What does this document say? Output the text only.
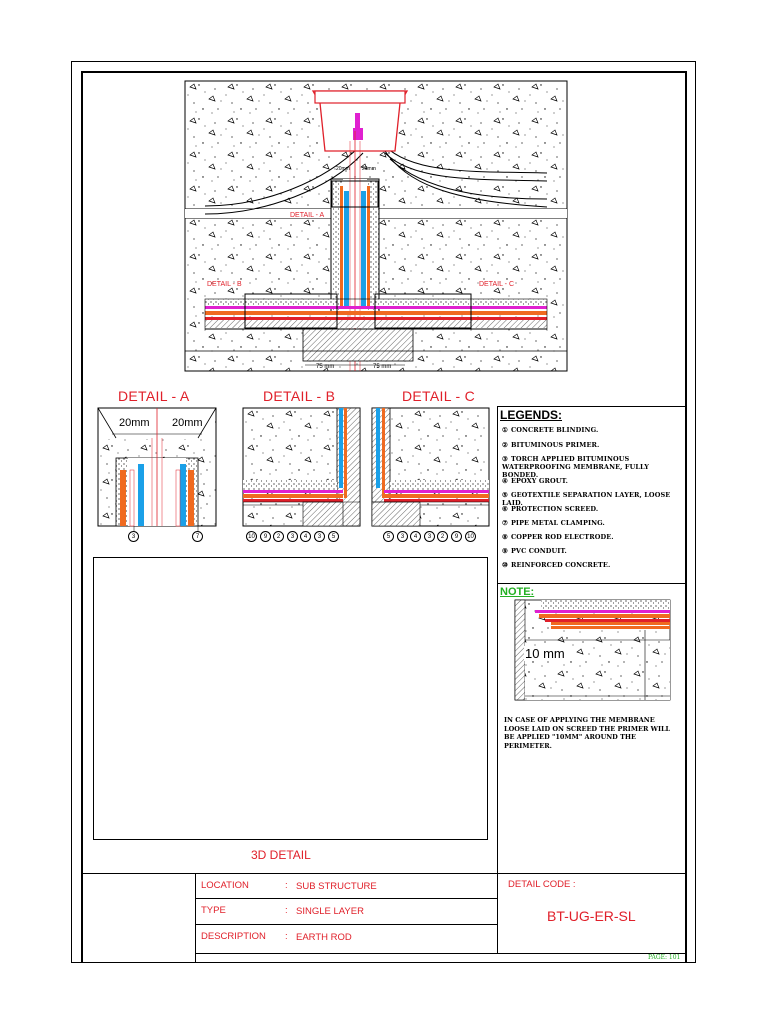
DETAIL - A
DETAIL - B	DETAIL - C
20mm 20mm
75 mm	75 mm
DETAIL - A	DETAIL - B	DETAIL - C
20mm 20mm
3	7	10	9	2	3	4	3	5	5	3	4	3	2	9	10
LEGENDS:
① CONCRETE BLINDING.
② BITUMINOUS PRIMER.
③ TORCH APPLIED BITUMINOUS WATERPROOFING MEMBRANE, FULLY BONDED.
④ EPOXY GROUT.
⑤ GEOTEXTILE SEPARATION LAYER, LOOSE LAID.
⑥ PROTECTION SCREED.
⑦ PIPE METAL CLAMPING.
⑧ COPPER ROD ELECTRODE.
⑨ PVC CONDUIT.
⑩ REINFORCED CONCRETE.
NOTE:
10 mm
IN CASE OF APPLYING THE MEMBRANE LOOSE LAID ON SCREED THE PRIMER WILL BE APPLIED "10MM" AROUND THE PERIMETER.
3D DETAIL
LOCATION	: SUB STRUCTURE
TYPE	: SINGLE LAYER
DESCRIPTION : EARTH ROD
DETAIL CODE :
BT-UG-ER-SL
PAGE: 101
